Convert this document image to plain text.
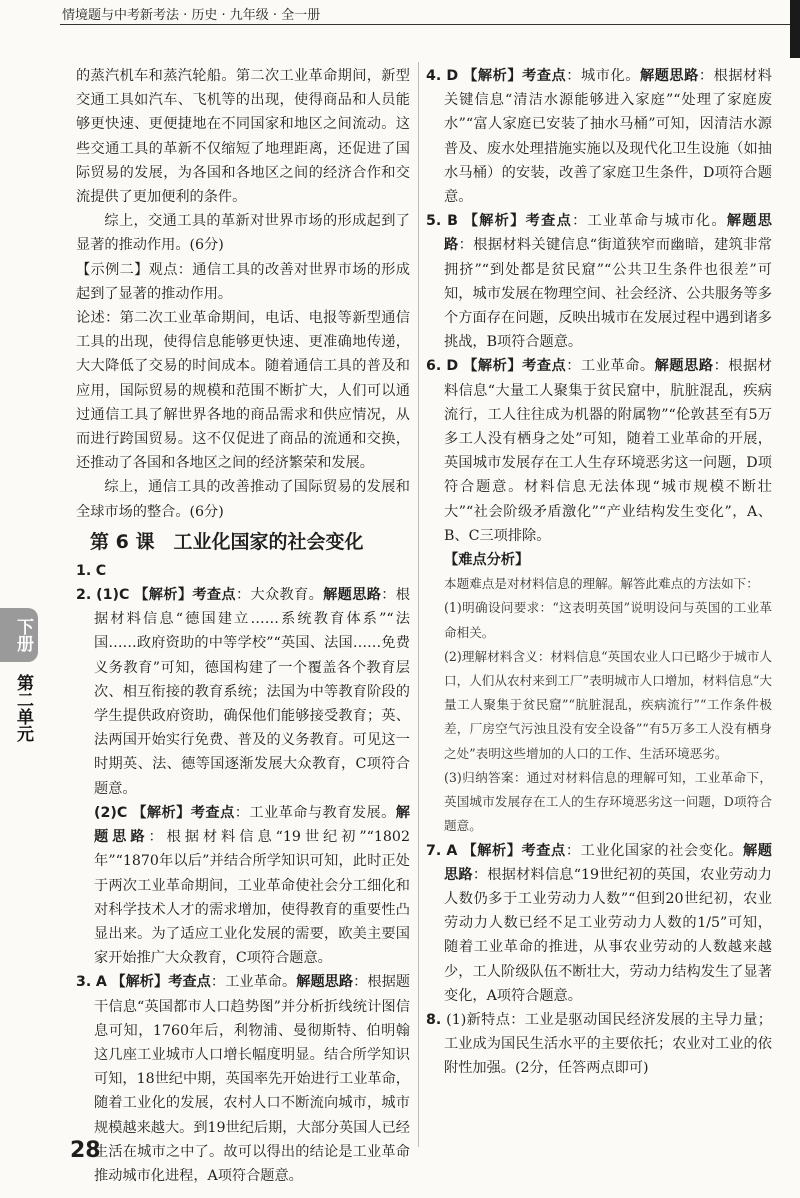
情境题与中考新考法 · 历史 · 九年级 · 全一册
下册
第二单元

的蒸汽机车和蒸汽轮船。第二次工业革命期间，新型交通工具如汽车、飞机等的出现，使得商品和人员能够更快速、更便捷地在不同国家和地区之间流动。这些交通工具的革新不仅缩短了地理距离，还促进了国际贸易的发展，为各国和各地区之间的经济合作和交流提供了更加便利的条件。

综上，交通工具的革新对世界市场的形成起到了显著的推动作用。(6分)

【示例二】观点：通信工具的改善对世界市场的形成起到了显著的推动作用。

论述：第二次工业革命期间，电话、电报等新型通信工具的出现，使得信息能够更快速、更准确地传递，大大降低了交易的时间成本。随着通信工具的普及和应用，国际贸易的规模和范围不断扩大，人们可以通过通信工具了解世界各地的商品需求和供应情况，从而进行跨国贸易。这不仅促进了商品的流通和交换，还推动了各国和各地区之间的经济繁荣和发展。

综上，通信工具的改善推动了国际贸易的发展和全球市场的整合。(6分)

第 6 课　工业化国家的社会变化

1. C

2. (1)C 【解析】考查点：大众教育。解题思路：根据材料信息“德国建立……系统教育体系”“法国……政府资助的中等学校”“英国、法国……免费义务教育”可知，德国构建了一个覆盖各个教育层次、相互衔接的教育系统；法国为中等教育阶段的学生提供政府资助，确保他们能够接受教育；英、法两国开始实行免费、普及的义务教育。可见这一时期英、法、德等国逐渐发展大众教育，C项符合题意。

(2)C 【解析】考查点：工业革命与教育发展。解题思路：根据材料信息“19世纪初”“1802年”“1870年以后”并结合所学知识可知，此时正处于两次工业革命期间，工业革命使社会分工细化和对科学技术人才的需求增加，使得教育的重要性凸显出来。为了适应工业化发展的需要，欧美主要国家开始推广大众教育，C项符合题意。

3. A 【解析】考查点：工业革命。解题思路：根据题干信息“英国都市人口趋势图”并分析折线统计图信息可知，1760年后，利物浦、曼彻斯特、伯明翰这几座工业城市人口增长幅度明显。结合所学知识可知，18世纪中期，英国率先开始进行工业革命，随着工业化的发展，农村人口不断流向城市，城市规模越来越大。到19世纪后期，大部分英国人已经生活在城市之中了。故可以得出的结论是工业革命推动城市化进程，A项符合题意。

4. D 【解析】考查点：城市化。解题思路：根据材料关键信息“清洁水源能够进入家庭”“处理了家庭废水”“富人家庭已安装了抽水马桶”可知，因清洁水源普及、废水处理措施实施以及现代化卫生设施（如抽水马桶）的安装，改善了家庭卫生条件，D项符合题意。

5. B 【解析】考查点：工业革命与城市化。解题思路：根据材料关键信息“街道狭窄而幽暗，建筑非常拥挤”“到处都是贫民窟”“公共卫生条件也很差”可知，城市发展在物理空间、社会经济、公共服务等多个方面存在问题，反映出城市在发展过程中遇到诸多挑战，B项符合题意。

6. D 【解析】考查点：工业革命。解题思路：根据材料信息“大量工人聚集于贫民窟中，肮脏混乱，疾病流行，工人往往成为机器的附属物”“伦敦甚至有5万多工人没有栖身之处”可知，随着工业革命的开展，英国城市发展存在工人生存环境恶劣这一问题，D项符合题意。材料信息无法体现“城市规模不断壮大”“社会阶级矛盾激化”“产业结构发生变化”，A、B、C三项排除。

【难点分析】

本题难点是对材料信息的理解。解答此难点的方法如下：

(1)明确设问要求：“这表明英国”说明设问与英国的工业革命相关。

(2)理解材料含义：材料信息“英国农业人口已略少于城市人口，人们从农村来到工厂”表明城市人口增加，材料信息“大量工人聚集于贫民窟”“肮脏混乱，疾病流行”“工作条件极差，厂房空气污浊且没有安全设备”“有5万多工人没有栖身之处”表明这些增加的人口的工作、生活环境恶劣。

(3)归纳答案：通过对材料信息的理解可知，工业革命下，英国城市发展存在工人的生存环境恶劣这一问题，D项符合题意。

7. A 【解析】考查点：工业化国家的社会变化。解题思路：根据材料信息“19世纪初的英国，农业劳动力人数仍多于工业劳动力人数”“但到20世纪初，农业劳动力人数已经不足工业劳动力人数的1/5”可知，随着工业革命的推进，从事农业劳动的人数越来越少，工人阶级队伍不断壮大，劳动力结构发生了显著变化，A项符合题意。

8. (1)新特点：工业是驱动国民经济发展的主导力量；工业成为国民生活水平的主要依托；农业对工业的依附性加强。(2分，任答两点即可)

28
